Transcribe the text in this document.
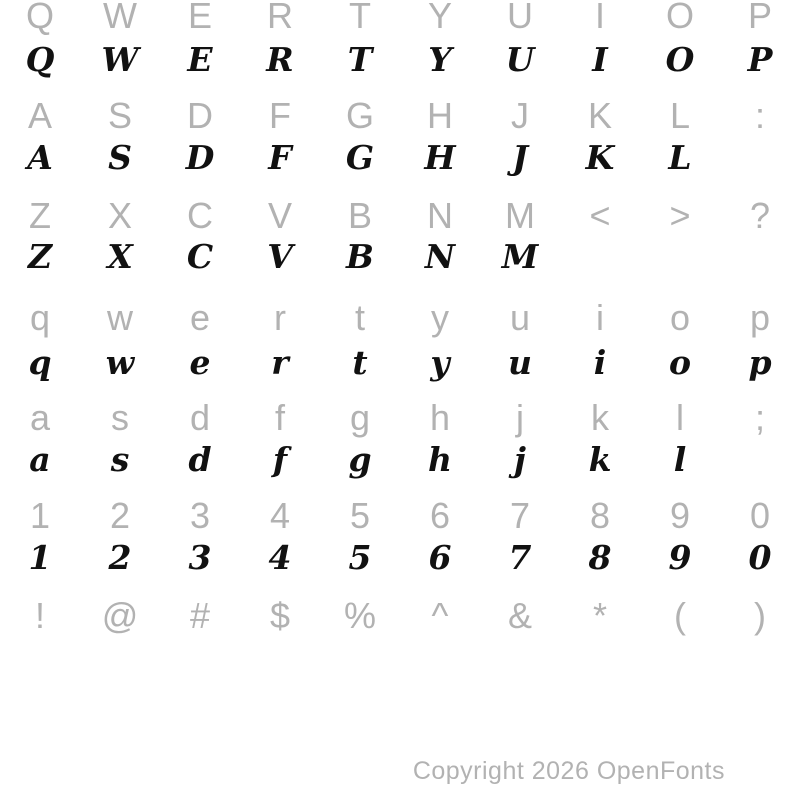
Q	W	E	R	T	Y	U	I	O	P
Q	W	E	R	T	Y	U	I	O	P
A	S	D	F	G	H	J	K	L	:
A	S	D	F	G	H	J	K	L
Z	X	C	V	B	N	M	<	>	?
Z	X	C	V	B	N	M
q	w	e	r	t	y	u	i	o	p
q	w	e	r	t	y	u	i	o	p
a	s	d	f	g	h	j	k	l	;
a	s	d	f	g	h	j	k	l
1	2	3	4	5	6	7	8	9	0
1	2	3	4	5	6	7	8	9	0
!	@	#	$	%	^	&	*	(	)
Copyright 2026 OpenFonts
